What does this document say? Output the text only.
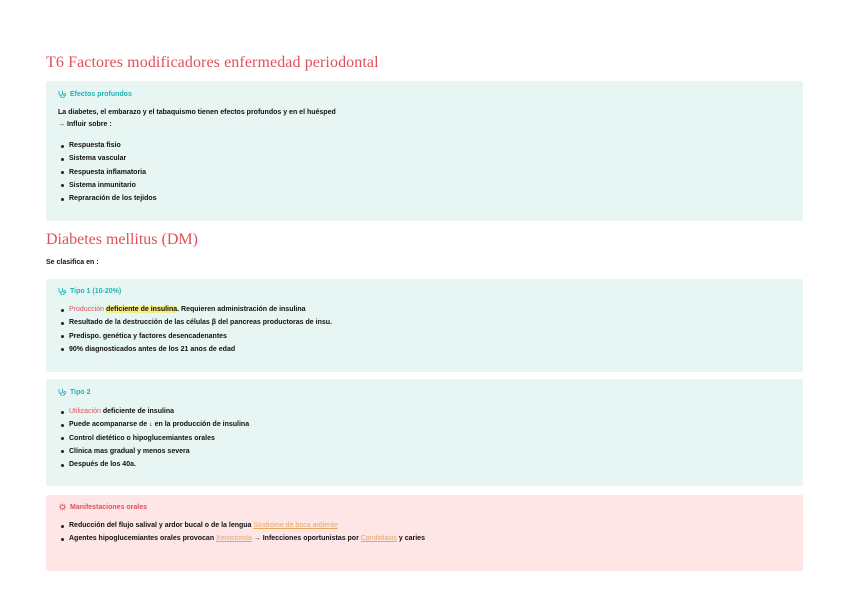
T6 Factores modificadores enfermedad periodontal
Efectos profundos
La diabetes, el embarazo y el tabaquismo tienen efectos profundos y en el huésped
→ Influir sobre :
Respuesta fisio
Sistema vascular
Respuesta inflamatoria
Sistema inmunitario
Repraración de los tejidos
Diabetes mellitus (DM)
Se clasifica en :
Tipo 1 (10-20%)
Producción deficiente de insulina. Requieren administración de insulina
Resultado de la destrucción de las células β del pancreas productoras de insu.
Predispo. genética y factores desencadenantes
90% diagnosticados antes de los 21 anos de edad
Tipo 2
Utilización deficiente de insulina
Puede acompanarse de ↓ en la producción de insulina
Control dietético o hipoglucemiantes orales
Clínica mas gradual y menos severa
Después de los 40a.
Manifestaciones orales
Reducción del flujo salival y ardor bucal o de la lengua Síndrome de boca ardiente
Agentes hipoglucemiantes orales provocan Xerostomía → Infecciones oportunistas por Candidiasis y caries
